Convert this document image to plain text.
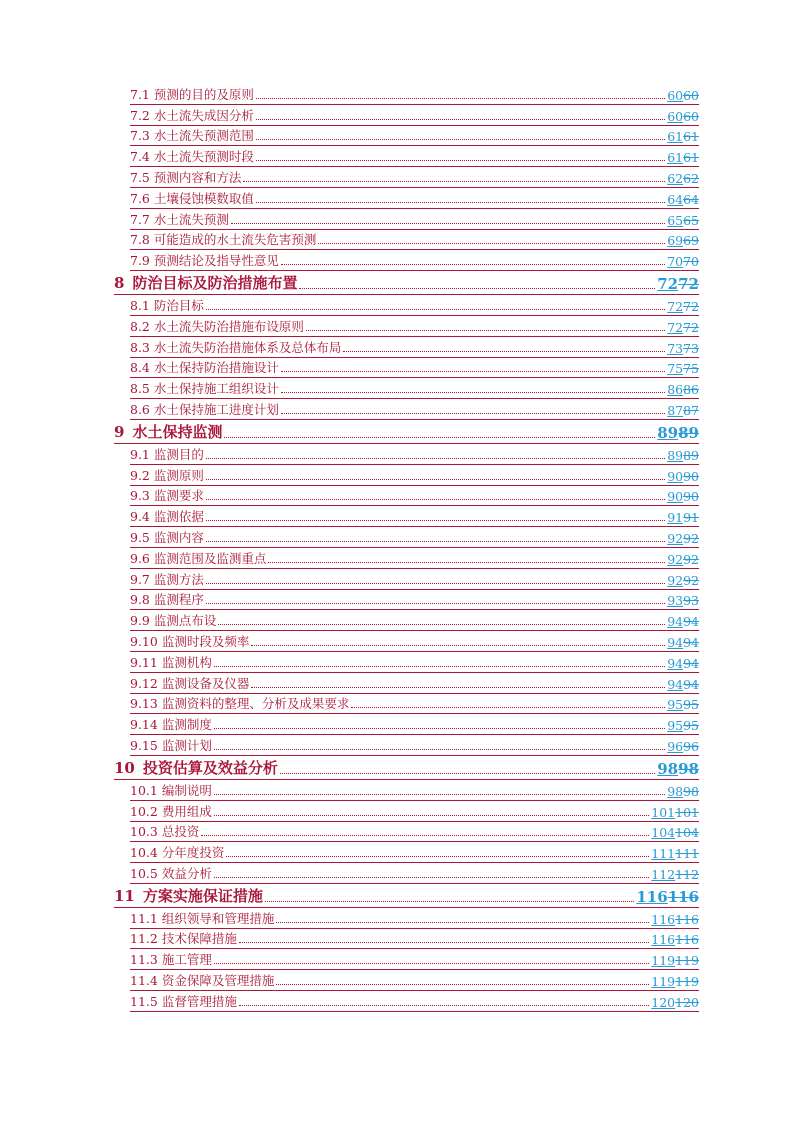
7.1 预测的目的及原则	6060
7.2 水土流失成因分析	6060
7.3 水土流失预测范围	6161
7.4 水土流失预测时段	6161
7.5 预测内容和方法	6262
7.6 土壤侵蚀模数取值	6464
7.7 水土流失预测	6565
7.8 可能造成的水土流失危害预测	6969
7.9 预测结论及指导性意见	7070
8 防治目标及防治措施布置	7272
8.1 防治目标	7272
8.2 水土流失防治措施布设原则	7272
8.3 水土流失防治措施体系及总体布局	7373
8.4 水土保持防治措施设计	7575
8.5 水土保持施工组织设计	8686
8.6 水土保持施工进度计划	8787
9 水土保持监测	8989
9.1 监测目的	8989
9.2 监测原则	9090
9.3 监测要求	9090
9.4 监测依据	9191
9.5 监测内容	9292
9.6 监测范围及监测重点	9292
9.7 监测方法	9292
9.8 监测程序	9393
9.9 监测点布设	9494
9.10 监测时段及频率	9494
9.11 监测机构	9494
9.12 监测设备及仪器	9494
9.13 监测资料的整理、分析及成果要求	9595
9.14 监测制度	9595
9.15 监测计划	9696
10 投资估算及效益分析	9898
10.1 编制说明	9898
10.2 费用组成	101101
10.3 总投资	104104
10.4 分年度投资	111111
10.5 效益分析	112112
11 方案实施保证措施	116116
11.1 组织领导和管理措施	116116
11.2 技术保障措施	116116
11.3 施工管理	119119
11.4 资金保障及管理措施	119119
11.5 监督管理措施	120120
